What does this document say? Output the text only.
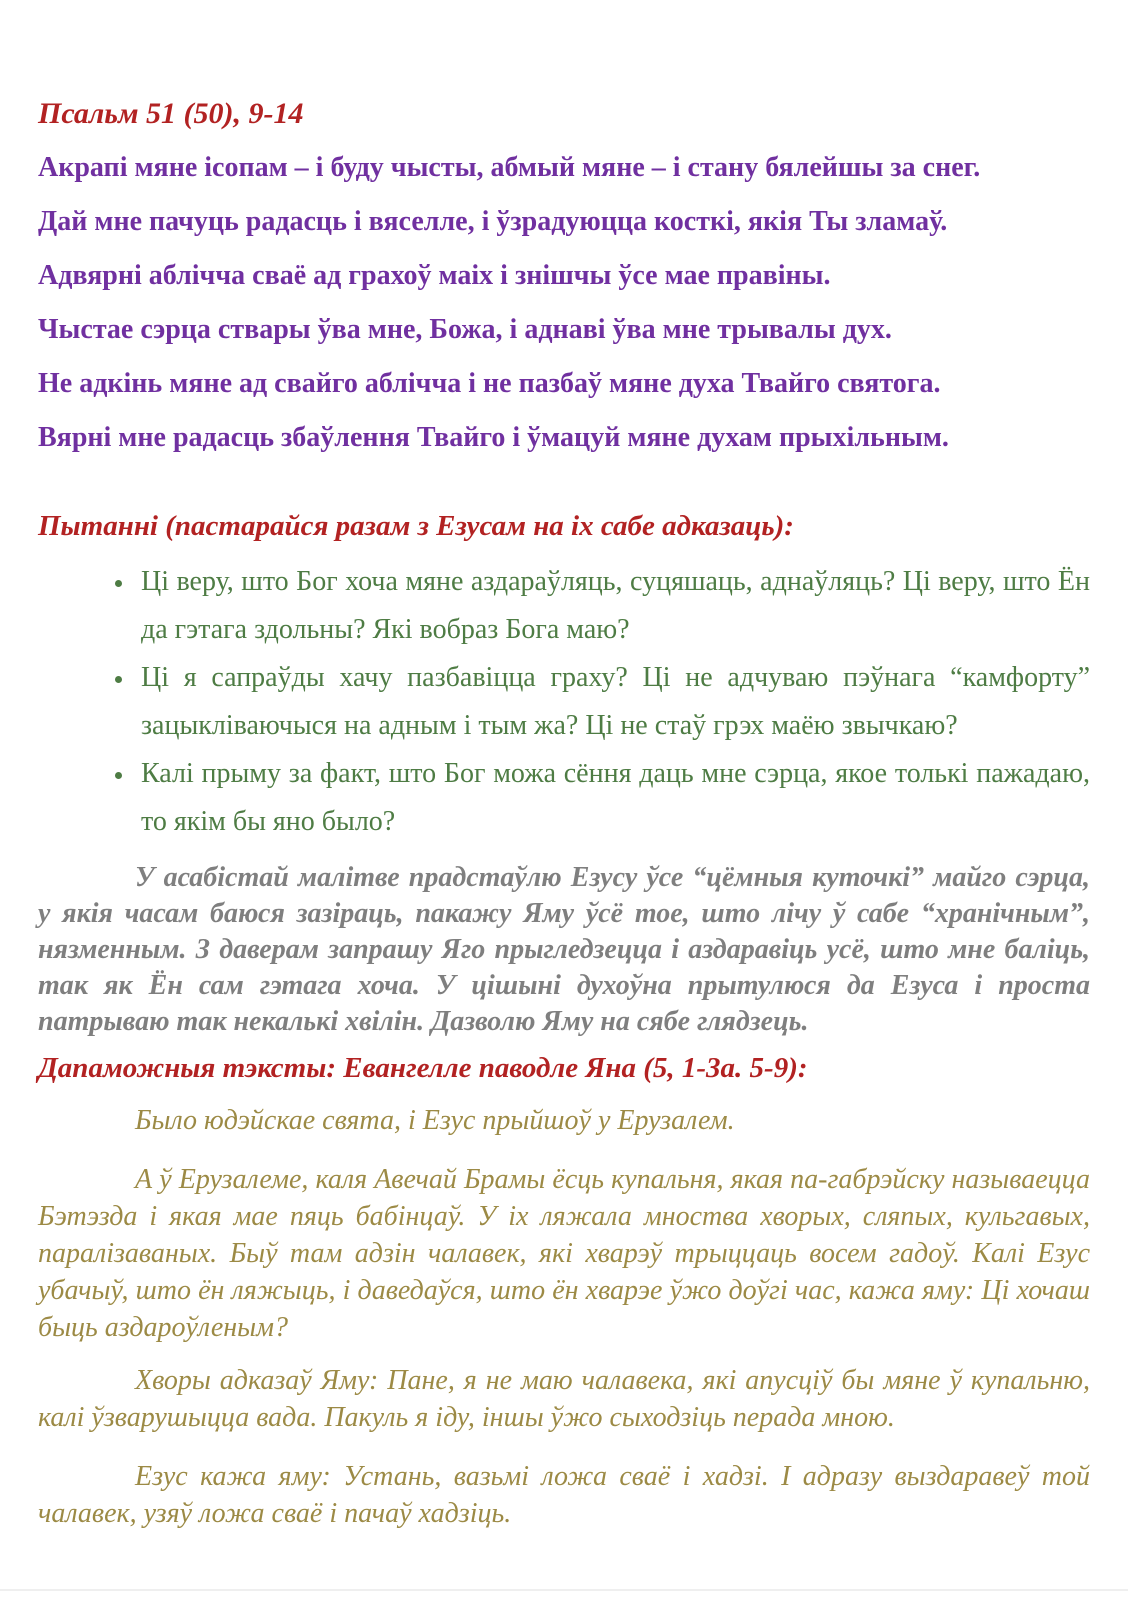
Псальм 51 (50), 9-14

Акрапі мяне ісопам – і буду чысты, абмый мяне – і стану бялейшы за снег.

Дай мне пачуць радасць і вяселле, і ўзрадуюцца косткі, якія Ты зламаў.

Адвярні аблічча сваё ад грахоў маіх і знішчы ўсе мае правіны.

Чыстае сэрца ствары ўва мне, Божа, і аднаві ўва мне трывалы дух.

Не адкінь мяне ад свайго аблічча і не пазбаў мяне духа Твайго святога.

Вярні мне радасць збаўлення Твайго і ўмацуй мяне духам прыхільным.

Пытанні (пастарайся разам з Езусам на іх сабе адказаць):

• Ці веру, што Бог хоча мяне аздараўляць, суцяшаць, аднаўляць? Ці веру, што Ён да гэтага здольны? Які вобраз Бога маю?
• Ці я сапраўды хачу пазбавіцца граху? Ці не адчуваю пэўнага “камфорту” зацыкліваючыся на адным і тым жа? Ці не стаў грэх маёю звычкаю?
• Калі прыму за факт, што Бог можа сёння даць мне сэрца, якое толькі пажадаю, то якім бы яно было?

У асабістай малітве прадстаўлю Езусу ўсе “цёмныя куточкі” майго сэрца, у якія часам баюся зазіраць, пакажу Яму ўсё тое, што лічу ў сабе “хранічным”, нязменным. З даверам запрашу Яго прыгледзецца і аздаравіць усё, што мне баліць, так як Ён сам гэтага хоча. У цішыні духоўна прытулюся да Езуса і проста патрываю так некалькі хвілін. Дазволю Яму на сябе глядзець.

Дапаможныя тэксты: Евангелле паводле Яна (5, 1-3а. 5-9):

Было юдэйскае свята, і Езус прыйшоў у Ерузалем.

А ў Ерузалеме, каля Авечай Брамы ёсць купальня, якая па-габрэйску называецца Бэтэзда і якая мае пяць бабінцаў. У іх ляжала мноства хворых, сляпых, кульгавых, паралізаваных. Быў там адзін чалавек, які хварэў трыццаць восем гадоў. Калі Езус убачыў, што ён ляжыць, і даведаўся, што ён хварэе ўжо доўгі час, кажа яму: Ці хочаш быць аздароўленым?

Хворы адказаў Яму: Пане, я не маю чалавека, які апусціў бы мяне ў купальню, калі ўзварушыцца вада. Пакуль я іду, іншы ўжо сыходзіць перада мною.

Езус кажа яму: Устань, вазьмі ложа сваё і хадзі. І адразу выздаравеў той чалавек, узяў ложа сваё і пачаў хадзіць.
